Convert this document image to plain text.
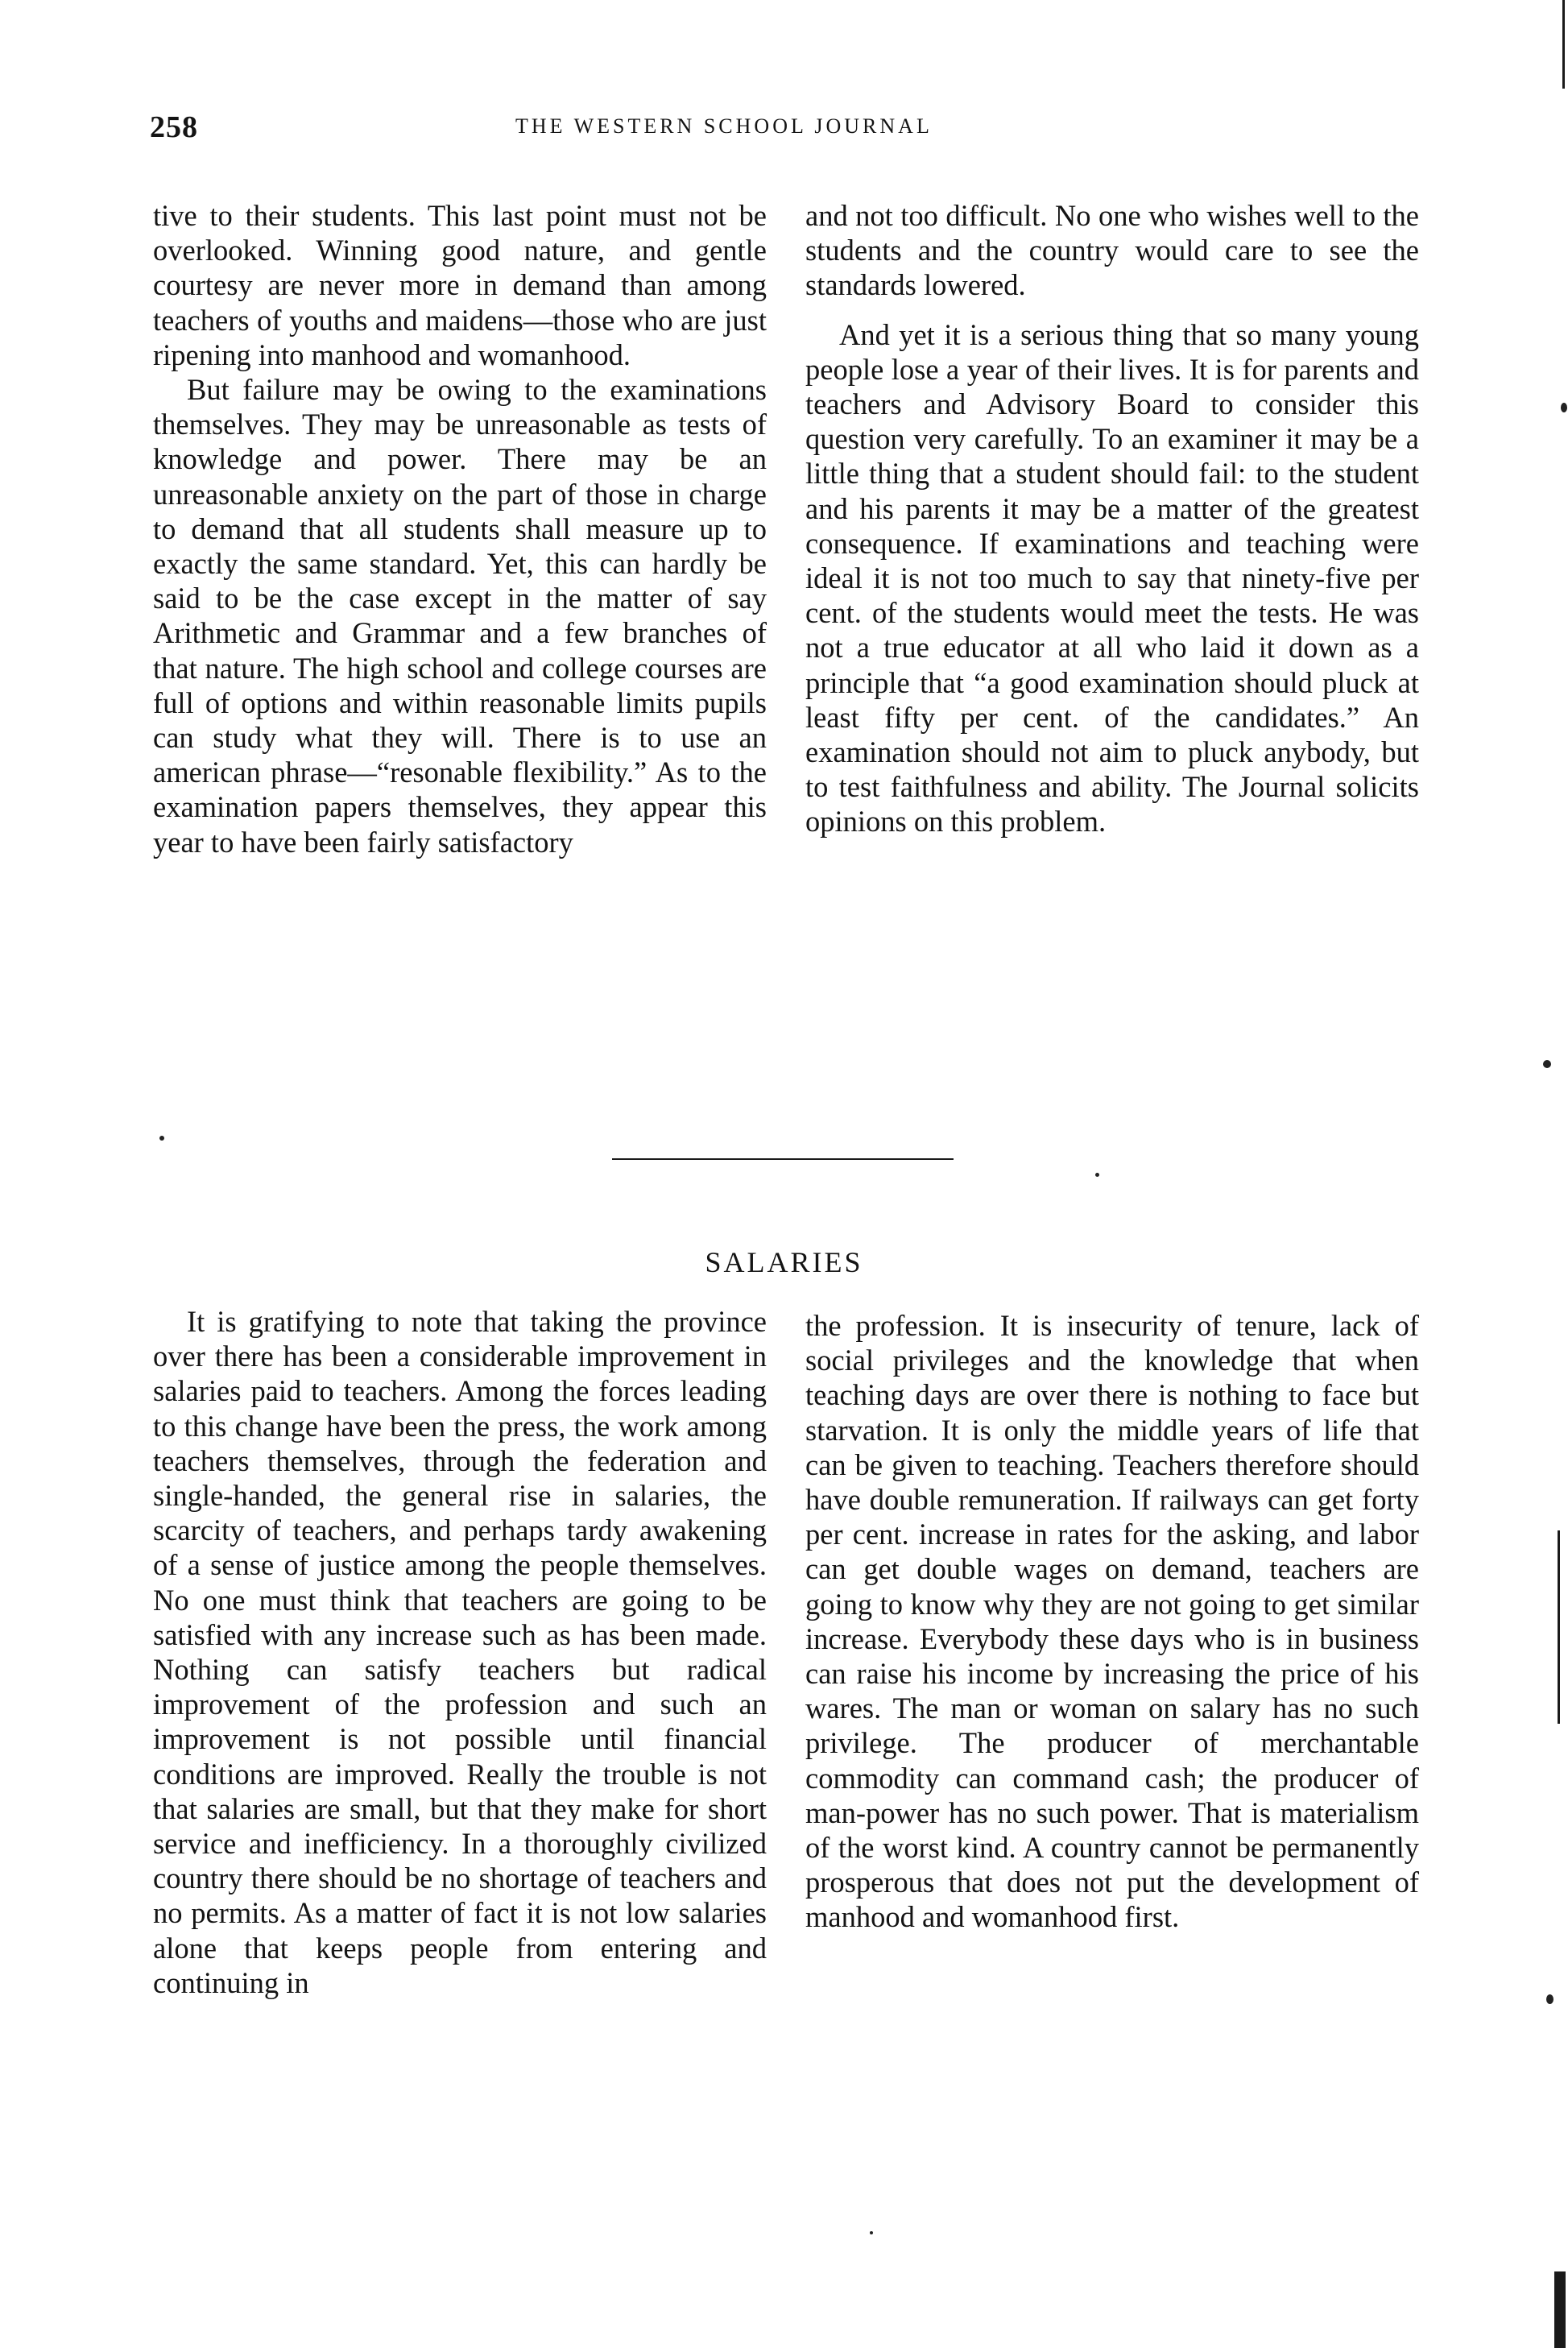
258	THE WESTERN SCHOOL JOURNAL

tive to their students. This last point must not be overlooked. Winning good nature, and gentle courtesy are never more in demand than among teachers of youths and maidens—those who are just ripening into manhood and womanhood.

But failure may be owing to the examinations themselves. They may be unreasonable as tests of knowledge and power. There may be an unreasonable anxiety on the part of those in charge to demand that all students shall measure up to exactly the same standard. Yet, this can hardly be said to be the case except in the matter of say Arithmetic and Grammar and a few branches of that nature. The high school and college courses are full of options and within reasonable limits pupils can study what they will. There is to use an american phrase—“resonable flexibility.” As to the examination papers themselves, they appear this year to have been fairly satisfactory

and not too difficult. No one who wishes well to the students and the country would care to see the standards lowered.

And yet it is a serious thing that so many young people lose a year of their lives. It is for parents and teachers and Advisory Board to consider this question very carefully. To an examiner it may be a little thing that a student should fail: to the student and his parents it may be a matter of the greatest consequence. If examinations and teaching were ideal it is not too much to say that ninety-five per cent. of the students would meet the tests. He was not a true educator at all who laid it down as a principle that “a good examination should pluck at least fifty per cent. of the candidates.” An examination should not aim to pluck anybody, but to test faithfulness and ability. The Journal solicits opinions on this problem.

SALARIES

It is gratifying to note that taking the province over there has been a considerable improvement in salaries paid to teachers. Among the forces leading to this change have been the press, the work among teachers themselves, through the federation and single-handed, the general rise in salaries, the scarcity of teachers, and perhaps tardy awakening of a sense of justice among the people themselves. No one must think that teachers are going to be satisfied with any increase such as has been made. Nothing can satisfy teachers but radical improvement of the profession and such an improvement is not possible until financial conditions are improved. Really the trouble is not that salaries are small, but that they make for short service and inefficiency. In a thoroughly civilized country there should be no shortage of teachers and no permits. As a matter of fact it is not low salaries alone that keeps people from entering and continuing in

the profession. It is insecurity of tenure, lack of social privileges and the knowledge that when teaching days are over there is nothing to face but starvation. It is only the middle years of life that can be given to teaching. Teachers therefore should have double remuneration. If railways can get forty per cent. increase in rates for the asking, and labor can get double wages on demand, teachers are going to know why they are not going to get similar increase. Everybody these days who is in business can raise his income by increasing the price of his wares. The man or woman on salary has no such privilege. The producer of merchantable commodity can command cash; the producer of man-power has no such power. That is materialism of the worst kind. A country cannot be permanently prosperous that does not put the development of manhood and womanhood first.
